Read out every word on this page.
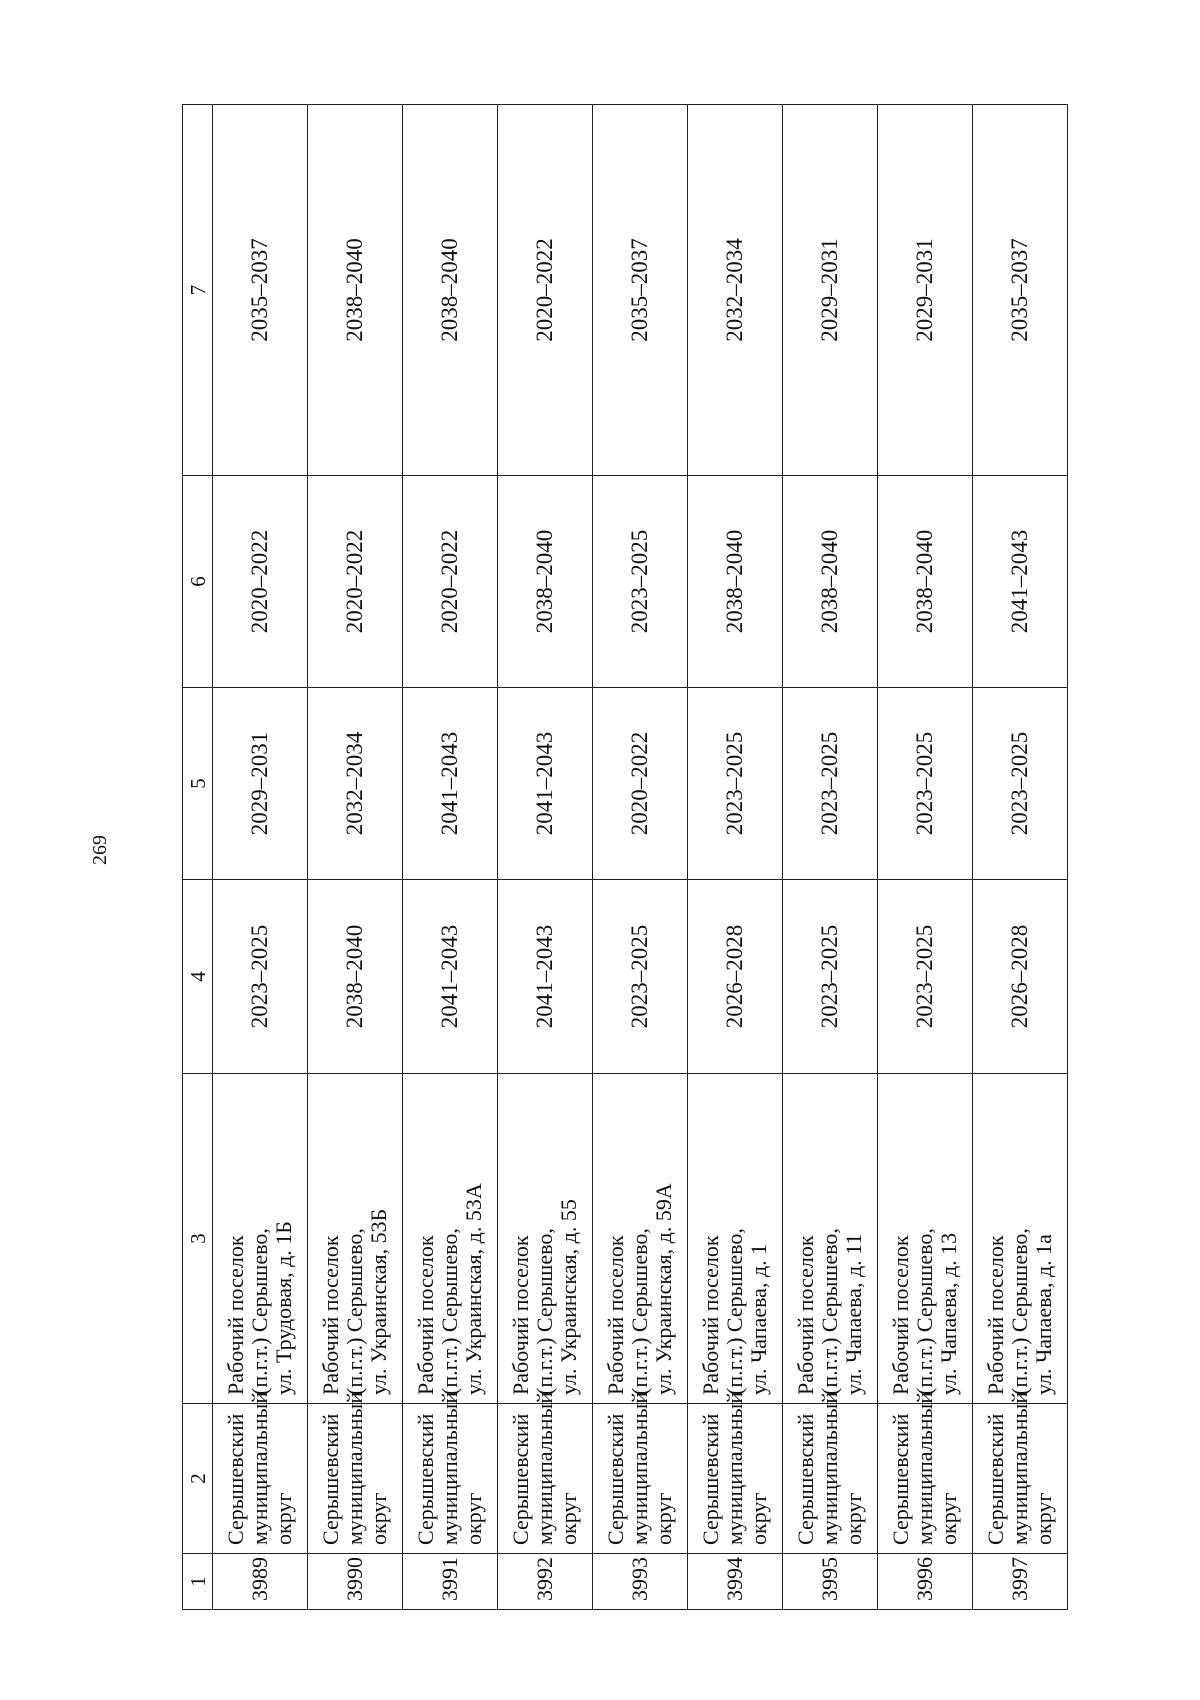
269
1	2	3	4	5	6	7
3989	Серышевский муниципальный округ	Рабочий поселок (п.г.т.) Серышево, ул. Трудовая, д. 1Б	2023–2025	2029–2031	2020–2022	2035–2037
3990	Серышевский муниципальный округ	Рабочий поселок (п.г.т.) Серышево, ул. Украинская, 53Б	2038–2040	2032–2034	2020–2022	2038–2040
3991	Серышевский муниципальный округ	Рабочий поселок (п.г.т.) Серышево, ул. Украинская, д. 53А	2041–2043	2041–2043	2020–2022	2038–2040
3992	Серышевский муниципальный округ	Рабочий поселок (п.г.т.) Серышево, ул. Украинская, д. 55	2041–2043	2041–2043	2038–2040	2020–2022
3993	Серышевский муниципальный округ	Рабочий поселок (п.г.т.) Серышево, ул. Украинская, д. 59А	2023–2025	2020–2022	2023–2025	2035–2037
3994	Серышевский муниципальный округ	Рабочий поселок (п.г.т.) Серышево, ул. Чапаева, д. 1	2026–2028	2023–2025	2038–2040	2032–2034
3995	Серышевский муниципальный округ	Рабочий поселок (п.г.т.) Серышево, ул. Чапаева, д. 11	2023–2025	2023–2025	2038–2040	2029–2031
3996	Серышевский муниципальный округ	Рабочий поселок (п.г.т.) Серышево, ул. Чапаева, д. 13	2023–2025	2023–2025	2038–2040	2029–2031
3997	Серышевский муниципальный округ	Рабочий поселок (п.г.т.) Серышево, ул. Чапаева, д. 1а	2026–2028	2023–2025	2041–2043	2035–2037
